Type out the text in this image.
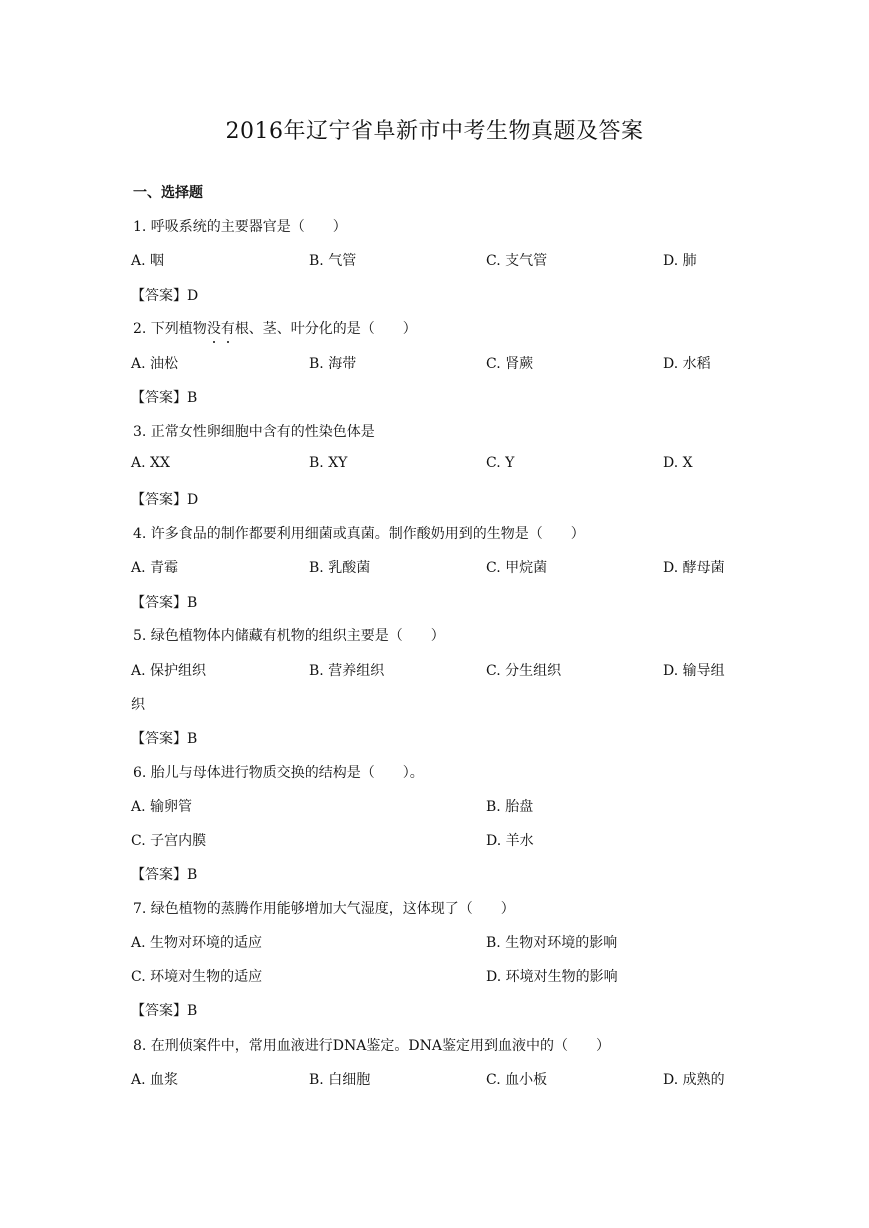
2016年辽宁省阜新市中考生物真题及答案
一、选择题
1. 呼吸系统的主要器官是（　　）
A. 咽	B. 气管	C. 支气管	D. 肺
【答案】D
2. 下列植物没有根、茎、叶分化的是（　　）
A. 油松	B. 海带	C. 肾蕨	D. 水稻
【答案】B
3. 正常女性卵细胞中含有的性染色体是
A. XX	B. XY	C. Y	D. X
【答案】D
4. 许多食品的制作都要利用细菌或真菌。制作酸奶用到的生物是（　　）
A. 青霉	B. 乳酸菌	C. 甲烷菌	D. 酵母菌
【答案】B
5. 绿色植物体内储藏有机物的组织主要是（　　）
A. 保护组织	B. 营养组织	C. 分生组织	D. 输导组
织
【答案】B
6. 胎儿与母体进行物质交换的结构是（　　）。
A. 输卵管	B. 胎盘
C. 子宫内膜	D. 羊水
【答案】B
7. 绿色植物的蒸腾作用能够增加大气湿度，这体现了（　　）
A. 生物对环境的适应	B. 生物对环境的影响
C. 环境对生物的适应	D. 环境对生物的影响
【答案】B
8. 在刑侦案件中，常用血液进行DNA鉴定。DNA鉴定用到血液中的（　　）
A. 血浆	B. 白细胞	C. 血小板	D. 成熟的
